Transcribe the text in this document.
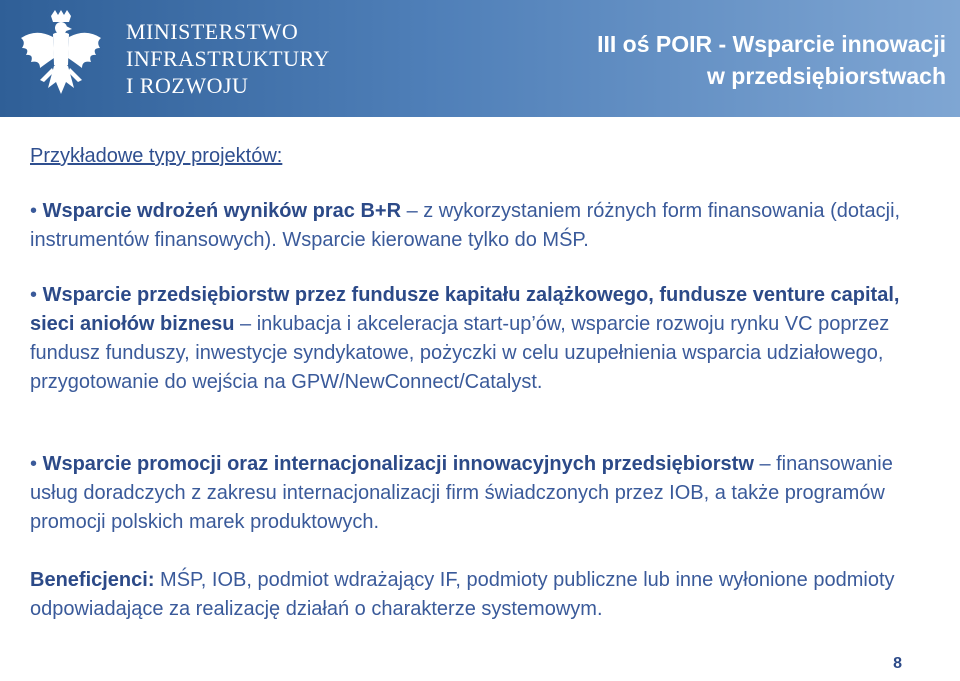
MINISTERSTWO
INFRASTRUKTURY
I ROZWOJU
III oś POIR - Wsparcie innowacji
w przedsiębiorstwach

Przykładowe typy projektów:

• Wsparcie wdrożeń wyników prac B+R – z wykorzystaniem różnych form finansowania (dotacji, instrumentów finansowych). Wsparcie kierowane tylko do MŚP.

• Wsparcie przedsiębiorstw przez fundusze kapitału zalążkowego, fundusze venture capital, sieci aniołów biznesu – inkubacja i akceleracja start-up’ów, wsparcie rozwoju rynku VC poprzez fundusz funduszy, inwestycje syndykatowe, pożyczki w celu uzupełnienia wsparcia udziałowego, przygotowanie do wejścia na GPW/NewConnect/Catalyst.

• Wsparcie promocji oraz internacjonalizacji innowacyjnych przedsiębiorstw – finansowanie usług doradczych z zakresu internacjonalizacji firm świadczonych przez IOB, a także programów promocji polskich marek produktowych.

Beneficjenci: MŚP, IOB, podmiot wdrażający IF, podmioty publiczne lub inne wyłonione podmioty odpowiadające za realizację działań o charakterze systemowym.

8
